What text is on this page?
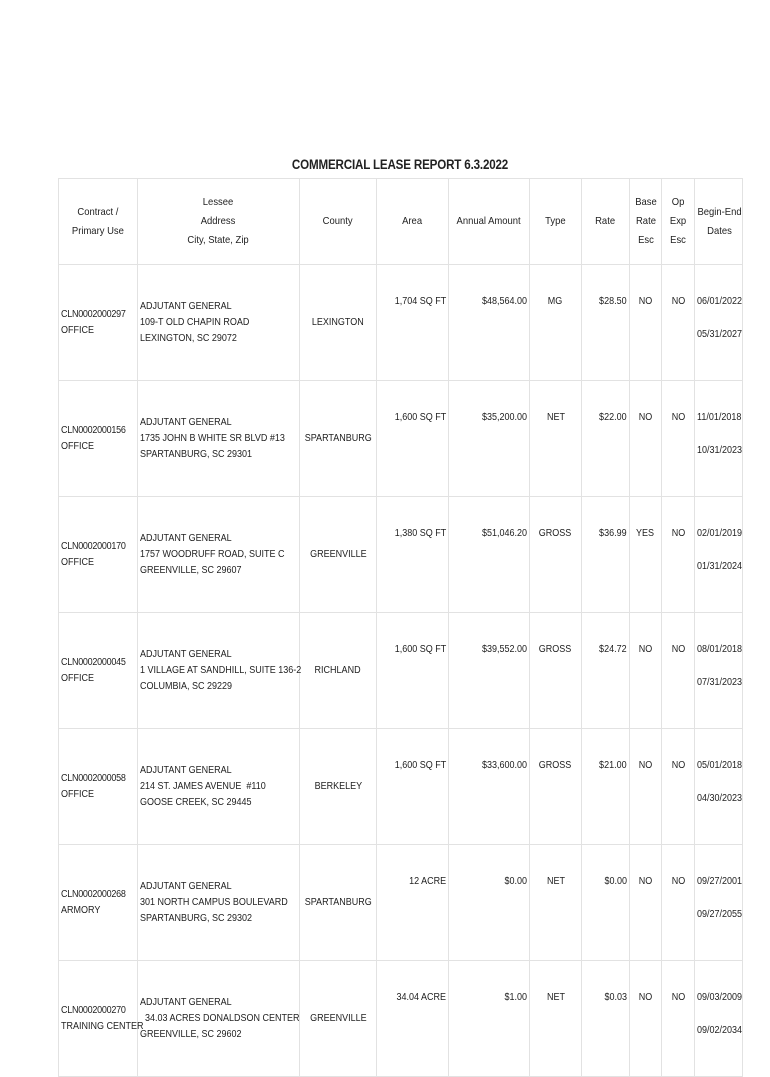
COMMERCIAL LEASE REPORT 6.3.2022
Contract /
Primary Use	Lessee
Address
City, State, Zip	County	Area	Annual Amount	Type	Rate	Base
Rate
Esc	Op
Exp
Esc	Begin-End
Dates

CLN0002000297
OFFICE	ADJUTANT GENERAL
109-T OLD CHAPIN ROAD
LEXINGTON, SC 29072	LEXINGTON	1,704 SQ FT	$48,564.00	MG	$28.50	NO	NO	06/01/2022
05/31/2027

CLN0002000156
OFFICE	ADJUTANT GENERAL
1735 JOHN B WHITE SR BLVD #13
SPARTANBURG, SC 29301	SPARTANBURG	1,600 SQ FT	$35,200.00	NET	$22.00	NO	NO	11/01/2018
10/31/2023

CLN0002000170
OFFICE	ADJUTANT GENERAL
1757 WOODRUFF ROAD, SUITE C
GREENVILLE, SC 29607	GREENVILLE	1,380 SQ FT	$51,046.20	GROSS	$36.99	YES	NO	02/01/2019
01/31/2024

CLN0002000045
OFFICE	ADJUTANT GENERAL
1 VILLAGE AT SANDHILL, SUITE 136-2
COLUMBIA, SC 29229	RICHLAND	1,600 SQ FT	$39,552.00	GROSS	$24.72	NO	NO	08/01/2018
07/31/2023

CLN0002000058
OFFICE	ADJUTANT GENERAL
214 ST. JAMES AVENUE  #110
GOOSE CREEK, SC 29445	BERKELEY	1,600 SQ FT	$33,600.00	GROSS	$21.00	NO	NO	05/01/2018
04/30/2023

CLN0002000268
ARMORY	ADJUTANT GENERAL
301 NORTH CAMPUS BOULEVARD
SPARTANBURG, SC 29302	SPARTANBURG	12 ACRE	$0.00	NET	$0.00	NO	NO	09/27/2001
09/27/2055

CLN0002000270
TRAINING CENTER	ADJUTANT GENERAL
34.03 ACRES DONALDSON CENTER
GREENVILLE, SC 29602	GREENVILLE	34.04 ACRE	$1.00	NET	$0.03	NO	NO	09/03/2009
09/02/2034
